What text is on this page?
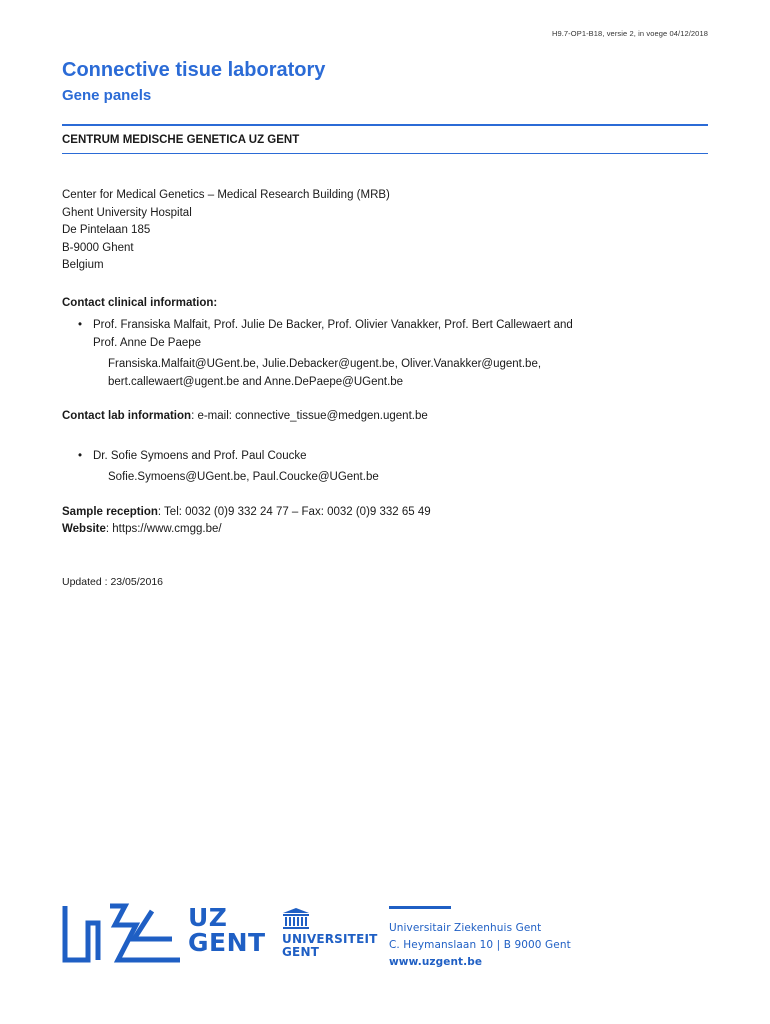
H9.7-OP1-B18, versie 2, in voege 04/12/2018
Connective tisue laboratory
Gene panels
CENTRUM MEDISCHE GENETICA UZ GENT
Center for Medical Genetics – Medical Research Building (MRB)
Ghent University Hospital
De Pintelaan 185
B-9000 Ghent
Belgium
Contact clinical information:
• Prof. Fransiska Malfait, Prof. Julie De Backer, Prof. Olivier Vanakker, Prof. Bert Callewaert and
Prof. Anne De Paepe
Fransiska.Malfait@UGent.be, Julie.Debacker@ugent.be, Oliver.Vanakker@ugent.be,
bert.callewaert@ugent.be and Anne.DePaepe@UGent.be
Contact lab information: e-mail: connective_tissue@medgen.ugent.be
• Dr. Sofie Symoens and Prof. Paul Coucke
Sofie.Symoens@UGent.be, Paul.Coucke@UGent.be
Sample reception: Tel: 0032 (0)9 332 24 77 – Fax: 0032 (0)9 332 65 49
Website: https://www.cmgg.be/
Updated : 23/05/2016
UZ
GENT UNIVERSITEIT
GENT
Universitair Ziekenhuis Gent
C. Heymanslaan 10 | B 9000 Gent
www.uzgent.be
